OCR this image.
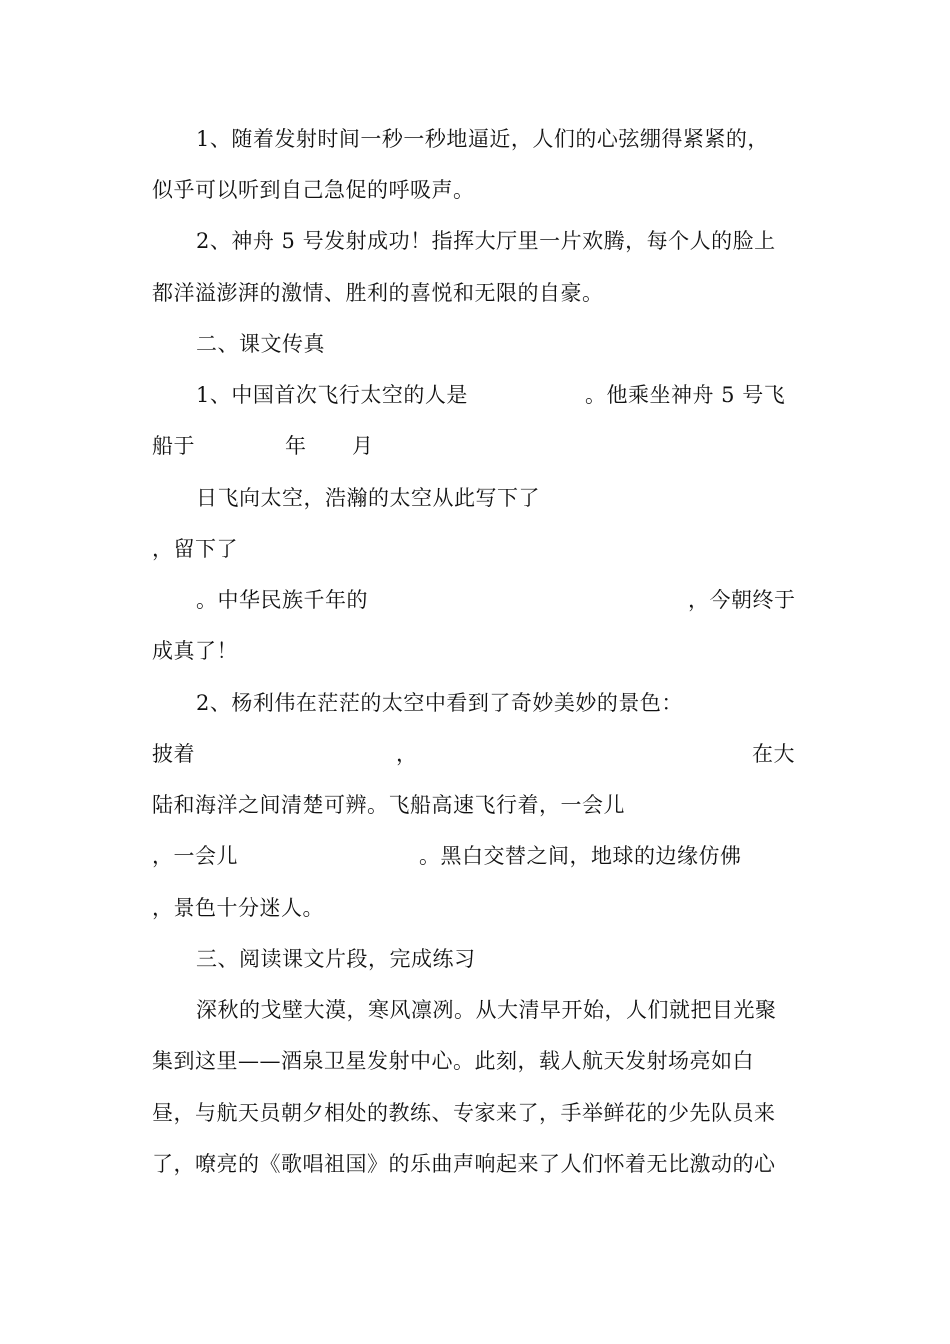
1、随着发射时间一秒一秒地逼近，人们的心弦绷得紧紧的，
似乎可以听到自己急促的呼吸声。
2、神舟 5 号发射成功！指挥大厅里一片欢腾，每个人的脸上
都洋溢澎湃的激情、胜利的喜悦和无限的自豪。
二、课文传真
1、中国首次飞行太空的人是	。他乘坐神舟 5 号飞
船于	年 月
日飞向太空，浩瀚的太空从此写下了
，留下了
。中华民族千年的	，今朝终于
成真了！
2、杨利伟在茫茫的太空中看到了奇妙美妙的景色：
披着	，	在大
陆和海洋之间清楚可辨。飞船高速飞行着，一会儿
，一会儿	。黑白交替之间，地球的边缘仿佛
，景色十分迷人。
三、阅读课文片段，完成练习
深秋的戈壁大漠，寒风凛冽。从大清早开始，人们就把目光聚
集到这里——酒泉卫星发射中心。此刻，载人航天发射场亮如白
昼，与航天员朝夕相处的教练、专家来了，手举鲜花的少先队员来
了，嘹亮的《歌唱祖国》的乐曲声响起来了人们怀着无比激动的心
